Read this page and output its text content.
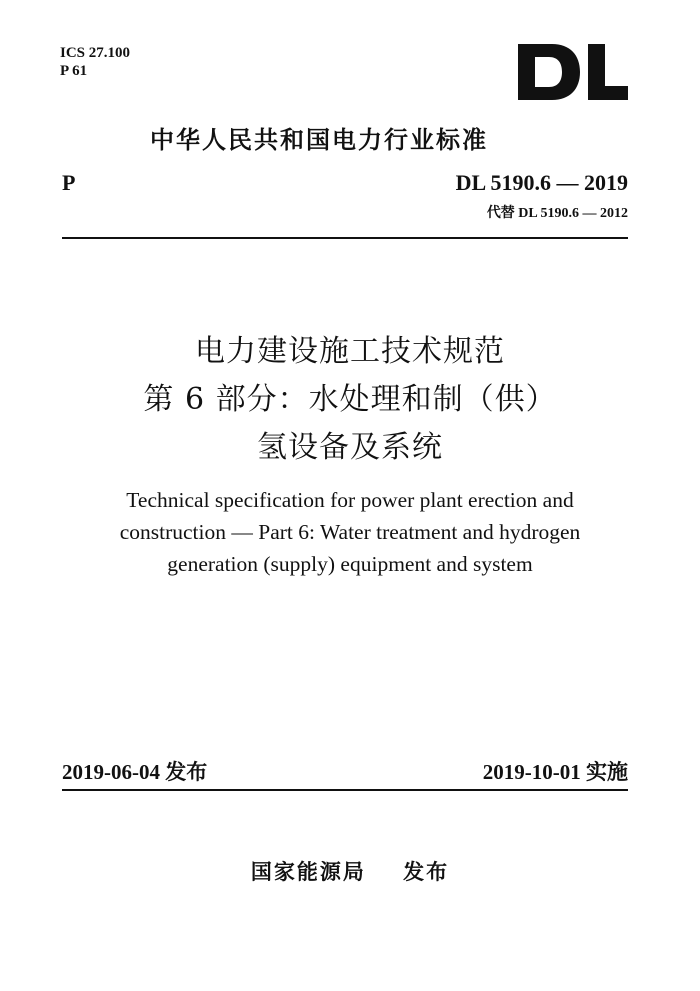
ICS 27.100
P 61
中华人民共和国电力行业标准
P	DL 5190.6 — 2019
代替 DL 5190.6 — 2012
电力建设施工技术规范
第 6 部分：水处理和制（供）
氢设备及系统
Technical specification for power plant erection and
construction — Part 6: Water treatment and hydrogen
generation (supply) equipment and system
2019-06-04 发布	2019-10-01 实施
国家能源局    发布
